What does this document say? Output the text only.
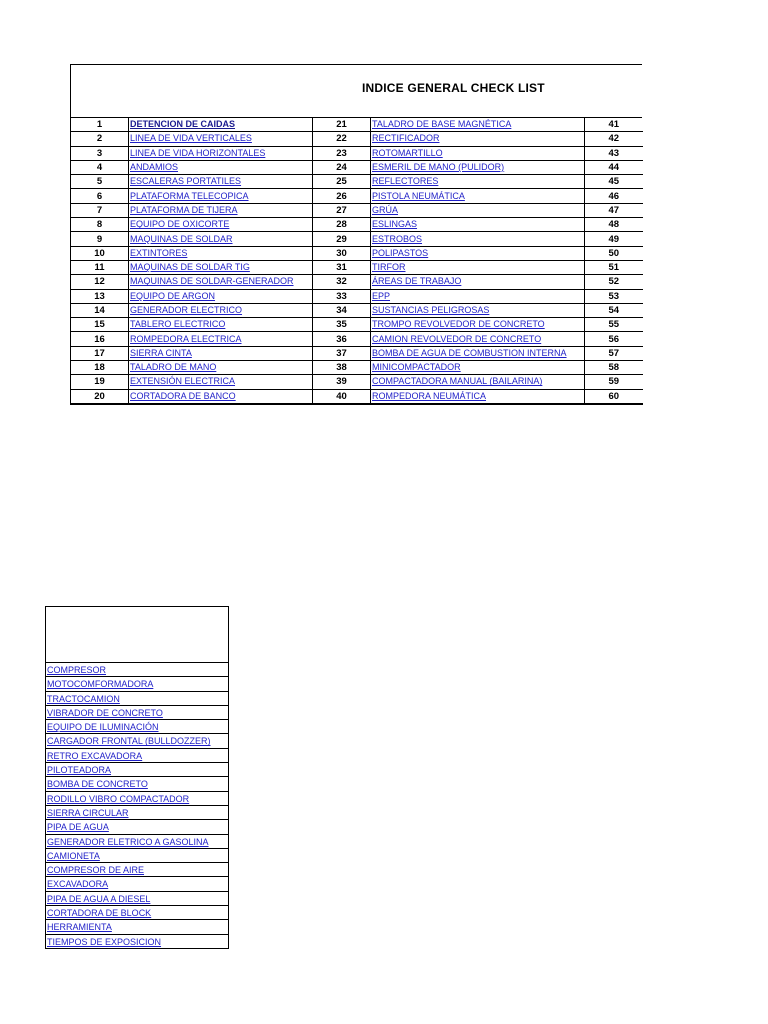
INDICE GENERAL CHECK LIST
1	DETENCION DE CAIDAS	21	TALADRO DE BASE MAGNÉTICA	41
2	LINEA DE VIDA VERTICALES	22	RECTIFICADOR	42
3	LINEA DE VIDA HORIZONTALES	23	ROTOMARTILLO	43
4	ANDAMIOS	24	ESMERIL DE MANO (PULIDOR)	44
5	ESCALERAS PORTATILES	25	REFLECTORES	45
6	PLATAFORMA TELECOPICA	26	PISTOLA NEUMÁTICA	46
7	PLATAFORMA DE TIJERA	27	GRÚA	47
8	EQUIPO DE OXICORTE	28	ESLINGAS	48
9	MAQUINAS DE SOLDAR	29	ESTROBOS	49
10	EXTINTORES	30	POLIPASTOS	50
11	MAQUINAS DE SOLDAR TIG	31	TIRFOR	51
12	MAQUINAS DE SOLDAR-GENERADOR	32	ÁREAS DE TRABAJO	52
13	EQUIPO DE ARGON	33	EPP	53
14	GENERADOR ELECTRICO	34	SUSTANCIAS PELIGROSAS	54
15	TABLERO ELECTRICO	35	TROMPO REVOLVEDOR DE CONCRETO	55
16	ROMPEDORA ELECTRICA	36	CAMION REVOLVEDOR DE CONCRETO	56
17	SIERRA CINTA	37	BOMBA DE AGUA DE COMBUSTION INTERNA	57
18	TALADRO DE MANO	38	MINICOMPACTADOR	58
19	EXTENSIÓN ELECTRICA	39	COMPACTADORA MANUAL (BAILARINA)	59
20	CORTADORA DE BANCO	40	ROMPEDORA NEUMÁTICA	60
COMPRESOR
MOTOCOMFORMADORA
TRACTOCAMION
VIBRADOR DE CONCRETO
EQUIPO DE ILUMINACIÓN
CARGADOR FRONTAL (BULLDOZZER)
RETRO EXCAVADORA
PILOTEADORA
BOMBA DE CONCRETO
RODILLO VIBRO COMPACTADOR
SIERRA CIRCULAR
PIPA DE AGUA
GENERADOR ELETRICO A GASOLINA
CAMIONETA
COMPRESOR DE AIRE
EXCAVADORA
PIPA DE AGUA A DIESEL
CORTADORA DE BLOCK
HERRAMIENTA
TIEMPOS DE EXPOSICION
